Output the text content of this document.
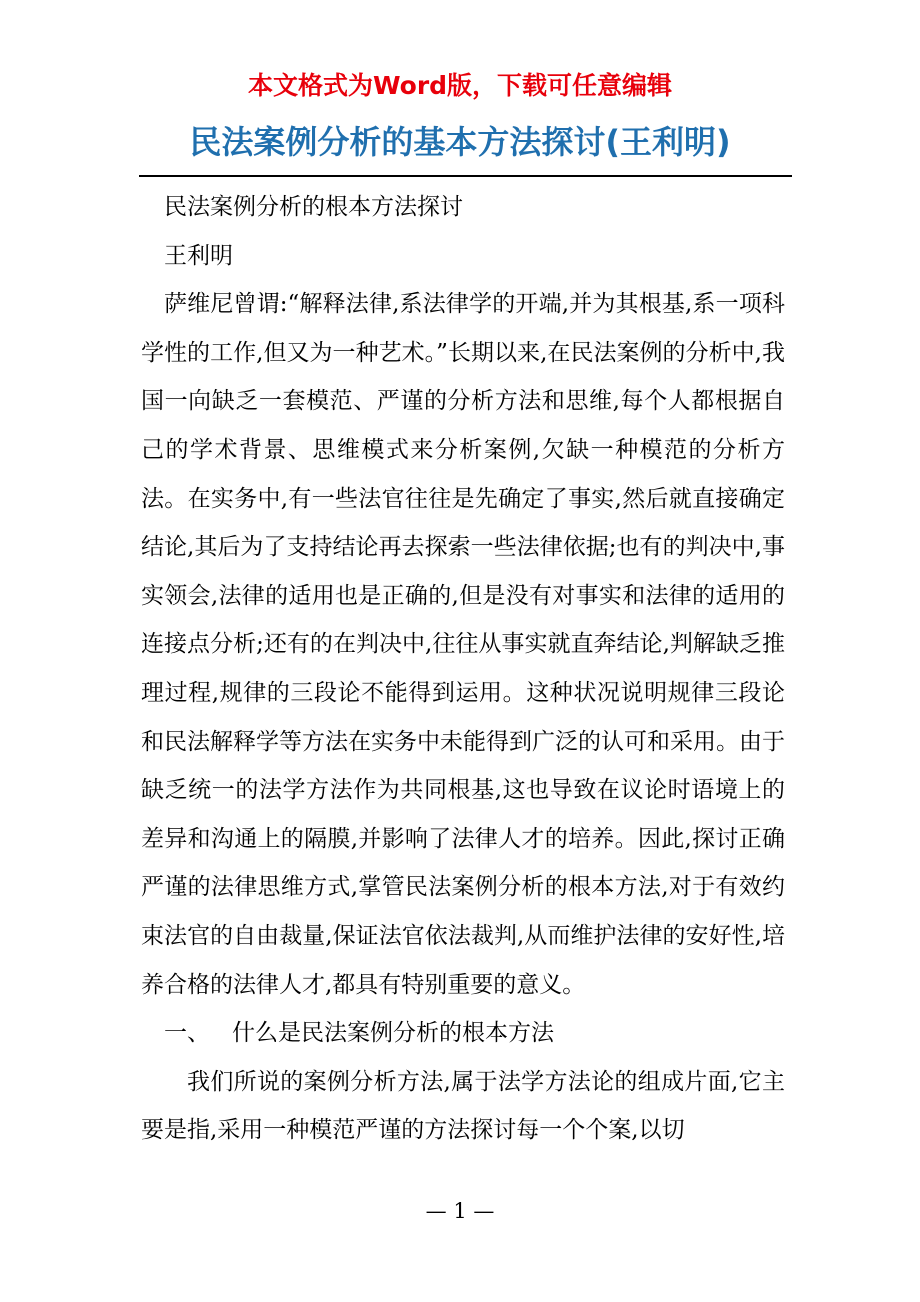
本文格式为Word版，下载可任意编辑
民法案例分析的基本方法探讨(王利明)

民法案例分析的根本方法探讨

王利明

萨维尼曾谓:“解释法律,系法律学的开端,并为其根基,系一项科学性的工作,但又为一种艺术。”长期以来,在民法案例的分析中,我国一向缺乏一套模范、严谨的分析方法和思维,每个人都根据自己的学术背景、思维模式来分析案例,欠缺一种模范的分析方法。在实务中,有一些法官往往是先确定了事实,然后就直接确定结论,其后为了支持结论再去探索一些法律依据;也有的判决中,事实领会,法律的适用也是正确的,但是没有对事实和法律的适用的连接点分析;还有的在判决中,往往从事实就直奔结论,判解缺乏推理过程,规律的三段论不能得到运用。这种状况说明规律三段论和民法解释学等方法在实务中未能得到广泛的认可和采用。由于缺乏统一的法学方法作为共同根基,这也导致在议论时语境上的差异和沟通上的隔膜,并影响了法律人才的培养。因此,探讨正确严谨的法律思维方式,掌管民法案例分析的根本方法,对于有效约束法官的自由裁量,保证法官依法裁判,从而维护法律的安好性,培养合格的法律人才,都具有特别重要的意义。

一、 什么是民法案例分析的根本方法

我们所说的案例分析方法,属于法学方法论的组成片面,它主要是指,采用一种模范严谨的方法探讨每一个个案,以切

— 1 —
